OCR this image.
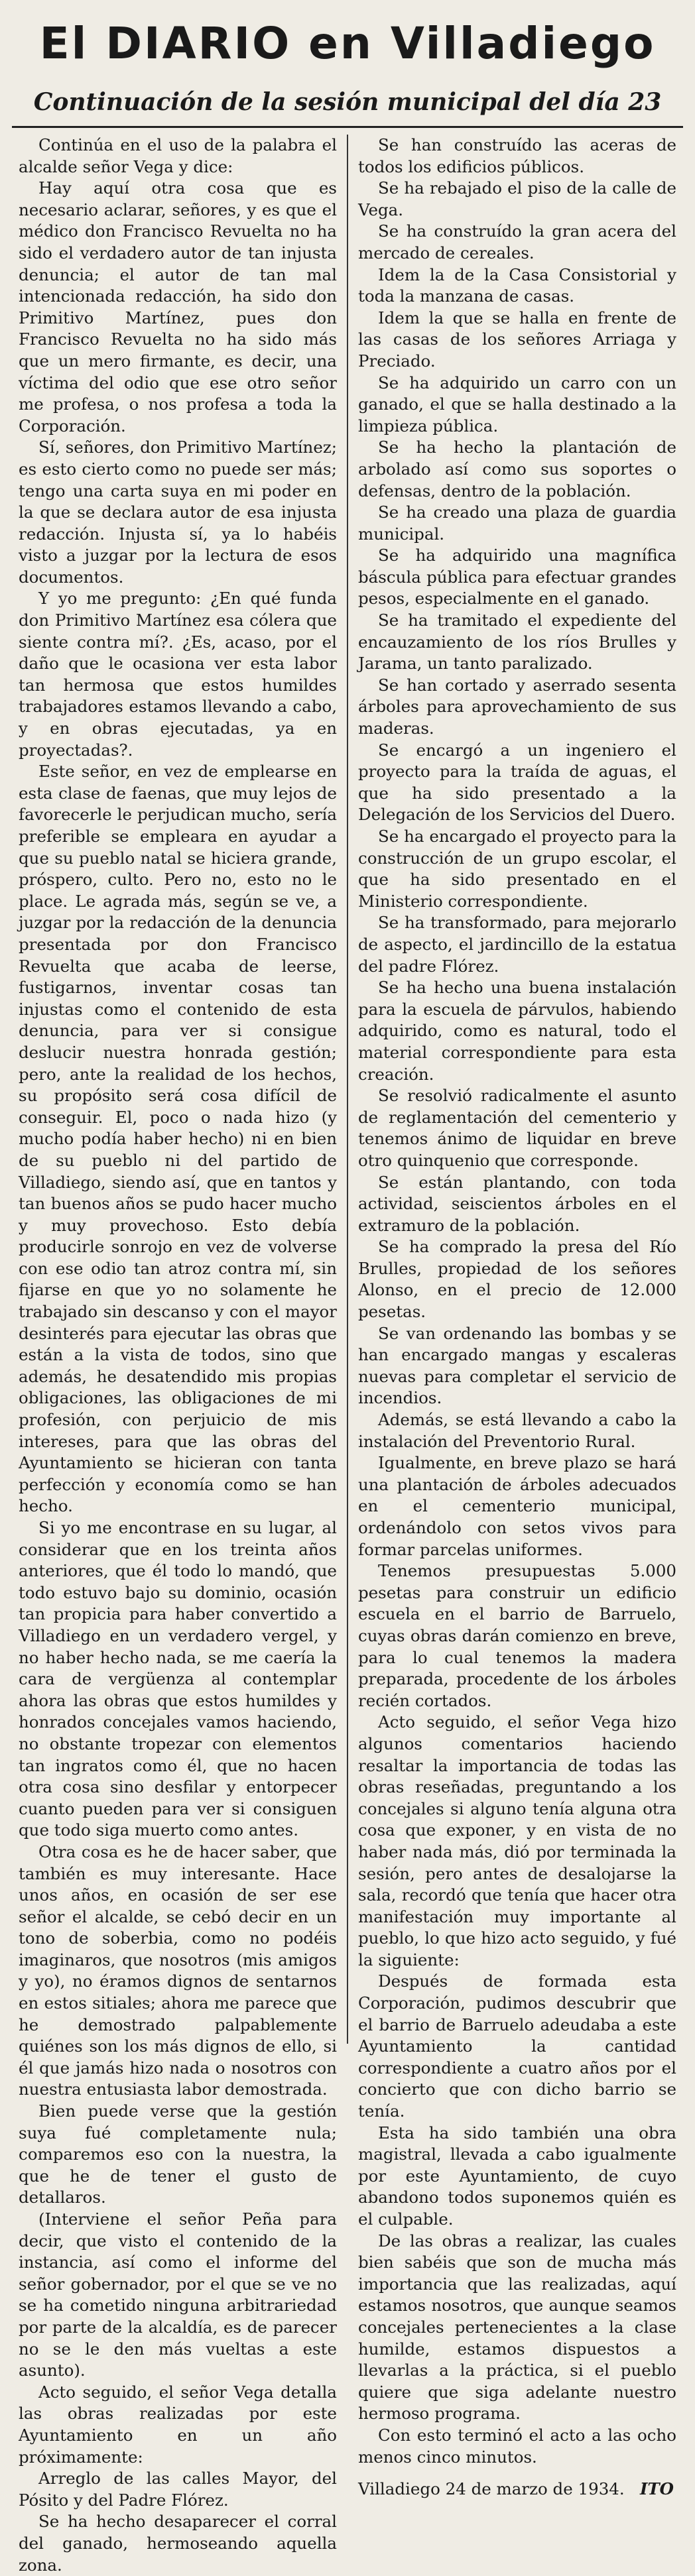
El DIARIO en Villadiego
Continuación de la sesión municipal del día 23

Continúa en el uso de la palabra el alcalde señor Vega y dice:

Hay aquí otra cosa que es necesario aclarar, señores, y es que el médico don Francisco Revuelta no ha sido el verdadero autor de tan injusta denuncia; el autor de tan mal intencionada redacción, ha sido don Primitivo Martínez, pues don Francisco Revuelta no ha sido más que un mero firmante, es decir, una víctima del odio que ese otro señor me profesa, o nos profesa a toda la Corporación.

Sí, señores, don Primitivo Martínez; es esto cierto como no puede ser más; tengo una carta suya en mi poder en la que se declara autor de esa injusta redacción. Injusta sí, ya lo habéis visto a juzgar por la lectura de esos documentos.

Y yo me pregunto: ¿En qué funda don Primitivo Martínez esa cólera que siente contra mí?. ¿Es, acaso, por el daño que le ocasiona ver esta labor tan hermosa que estos humildes trabajadores estamos llevando a cabo, y en obras ejecutadas, ya en proyectadas?.

Este señor, en vez de emplearse en esta clase de faenas, que muy lejos de favorecerle le perjudican mucho, sería preferible se empleara en ayudar a que su pueblo natal se hiciera grande, próspero, culto. Pero no, esto no le place. Le agrada más, según se ve, a juzgar por la redacción de la denuncia presentada por don Francisco Revuelta que acaba de leerse, fustigarnos, inventar cosas tan injustas como el contenido de esta denuncia, para ver si consigue deslucir nuestra honrada gestión; pero, ante la realidad de los hechos, su propósito será cosa difícil de conseguir. El, poco o nada hizo (y mucho podía haber hecho) ni en bien de su pueblo ni del partido de Villadiego, siendo así, que en tantos y tan buenos años se pudo hacer mucho y muy provechoso. Esto debía producirle sonrojo en vez de volverse con ese odio tan atroz contra mí, sin fijarse en que yo no solamente he trabajado sin descanso y con el mayor desinterés para ejecutar las obras que están a la vista de todos, sino que además, he desatendido mis propias obligaciones, las obligaciones de mi profesión, con perjuicio de mis intereses, para que las obras del Ayuntamiento se hicieran con tanta perfección y economía como se han hecho.

Si yo me encontrase en su lugar, al considerar que en los treinta años anteriores, que él todo lo mandó, que todo estuvo bajo su dominio, ocasión tan propicia para haber convertido a Villadiego en un verdadero vergel, y no haber hecho nada, se me caería la cara de vergüenza al contemplar ahora las obras que estos humildes y honrados concejales vamos haciendo, no obstante tropezar con elementos tan ingratos como él, que no hacen otra cosa sino desfilar y entorpecer cuanto pueden para ver si consiguen que todo siga muerto como antes.

Otra cosa es he de hacer saber, que también es muy interesante. Hace unos años, en ocasión de ser ese señor el alcalde, se cebó decir en un tono de soberbia, como no podéis imaginaros, que nosotros (mis amigos y yo), no éramos dignos de sentarnos en estos sitiales; ahora me parece que he demostrado palpablemente quiénes son los más dignos de ello, si él que jamás hizo nada o nosotros con nuestra entusiasta labor demostrada.

Bien puede verse que la gestión suya fué completamente nula; comparemos eso con la nuestra, la que he de tener el gusto de detallaros.

(Interviene el señor Peña para decir, que visto el contenido de la instancia, así como el informe del señor gobernador, por el que se ve no se ha cometido ninguna arbitrariedad por parte de la alcaldía, es de parecer no se le den más vueltas a este asunto).

Acto seguido, el señor Vega detalla las obras realizadas por este Ayuntamiento en un año próximamente:

Arreglo de las calles Mayor, del Pósito y del Padre Flórez.

Se ha hecho desaparecer el corral del ganado, hermoseando aquella zona.

Se han construído las aceras de todos los edificios públicos.

Se ha rebajado el piso de la calle de Vega.

Se ha construído la gran acera del mercado de cereales.

Idem la de la Casa Consistorial y toda la manzana de casas.

Idem la que se halla en frente de las casas de los señores Arriaga y Preciado.

Se ha adquirido un carro con un ganado, el que se halla destinado a la limpieza pública.

Se ha hecho la plantación de arbolado así como sus soportes o defensas, dentro de la población.

Se ha creado una plaza de guardia municipal.

Se ha adquirido una magnífica báscula pública para efectuar grandes pesos, especialmente en el ganado.

Se ha tramitado el expediente del encauzamiento de los ríos Brulles y Jarama, un tanto paralizado.

Se han cortado y aserrado sesenta árboles para aprovechamiento de sus maderas.

Se encargó a un ingeniero el proyecto para la traída de aguas, el que ha sido presentado a la Delegación de los Servicios del Duero.

Se ha encargado el proyecto para la construcción de un grupo escolar, el que ha sido presentado en el Ministerio correspondiente.

Se ha transformado, para mejorarlo de aspecto, el jardincillo de la estatua del padre Flórez.

Se ha hecho una buena instalación para la escuela de párvulos, habiendo adquirido, como es natural, todo el material correspondiente para esta creación.

Se resolvió radicalmente el asunto de reglamentación del cementerio y tenemos ánimo de liquidar en breve otro quinquenio que corresponde.

Se están plantando, con toda actividad, seiscientos árboles en el extramuro de la población.

Se ha comprado la presa del Río Brulles, propiedad de los señores Alonso, en el precio de 12.000 pesetas.

Se van ordenando las bombas y se han encargado mangas y escaleras nuevas para completar el servicio de incendios.

Además, se está llevando a cabo la instalación del Preventorio Rural.

Igualmente, en breve plazo se hará una plantación de árboles adecuados en el cementerio municipal, ordenándolo con setos vivos para formar parcelas uniformes.

Tenemos presupuestas 5.000 pesetas para construir un edificio escuela en el barrio de Barruelo, cuyas obras darán comienzo en breve, para lo cual tenemos la madera preparada, procedente de los árboles recién cortados.

Acto seguido, el señor Vega hizo algunos comentarios haciendo resaltar la importancia de todas las obras reseñadas, preguntando a los concejales si alguno tenía alguna otra cosa que exponer, y en vista de no haber nada más, dió por terminada la sesión, pero antes de desalojarse la sala, recordó que tenía que hacer otra manifestación muy importante al pueblo, lo que hizo acto seguido, y fué la siguiente:

Después de formada esta Corporación, pudimos descubrir que el barrio de Barruelo adeudaba a este Ayuntamiento la cantidad correspondiente a cuatro años por el concierto que con dicho barrio se tenía.

Esta ha sido también una obra magistral, llevada a cabo igualmente por este Ayuntamiento, de cuyo abandono todos suponemos quién es el culpable.

De las obras a realizar, las cuales bien sabéis que son de mucha más importancia que las realizadas, aquí estamos nosotros, que aunque seamos concejales pertenecientes a la clase humilde, estamos dispuestos a llevarlas a la práctica, si el pueblo quiere que siga adelante nuestro hermoso programa.

Con esto terminó el acto a las ocho menos cinco minutos.

Villadiego 24 de marzo de 1934. ITO
